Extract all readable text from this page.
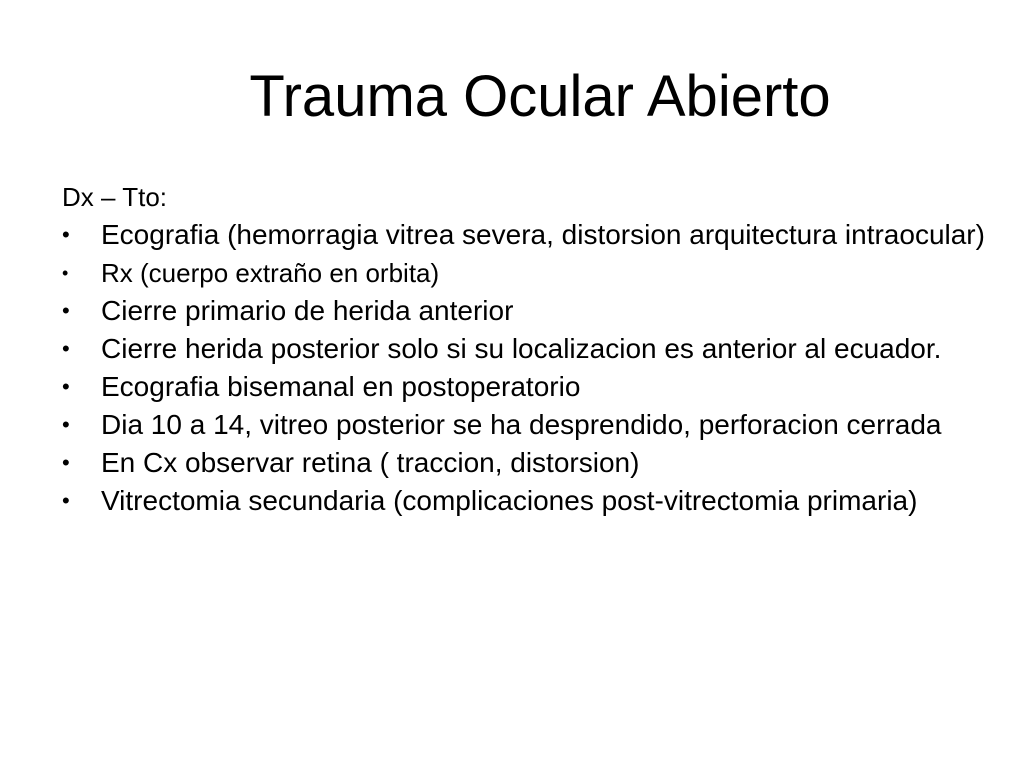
Trauma Ocular Abierto
Dx – Tto:
• Ecografia (hemorragia vitrea severa, distorsion arquitectura intraocular)
• Rx (cuerpo extraño en orbita)
• Cierre primario de herida anterior
• Cierre herida posterior solo si su localizacion es anterior al ecuador.
• Ecografia bisemanal en postoperatorio
• Dia 10 a 14, vitreo posterior se ha desprendido, perforacion cerrada
• En Cx observar retina ( traccion, distorsion)
• Vitrectomia secundaria (complicaciones post-vitrectomia primaria)
